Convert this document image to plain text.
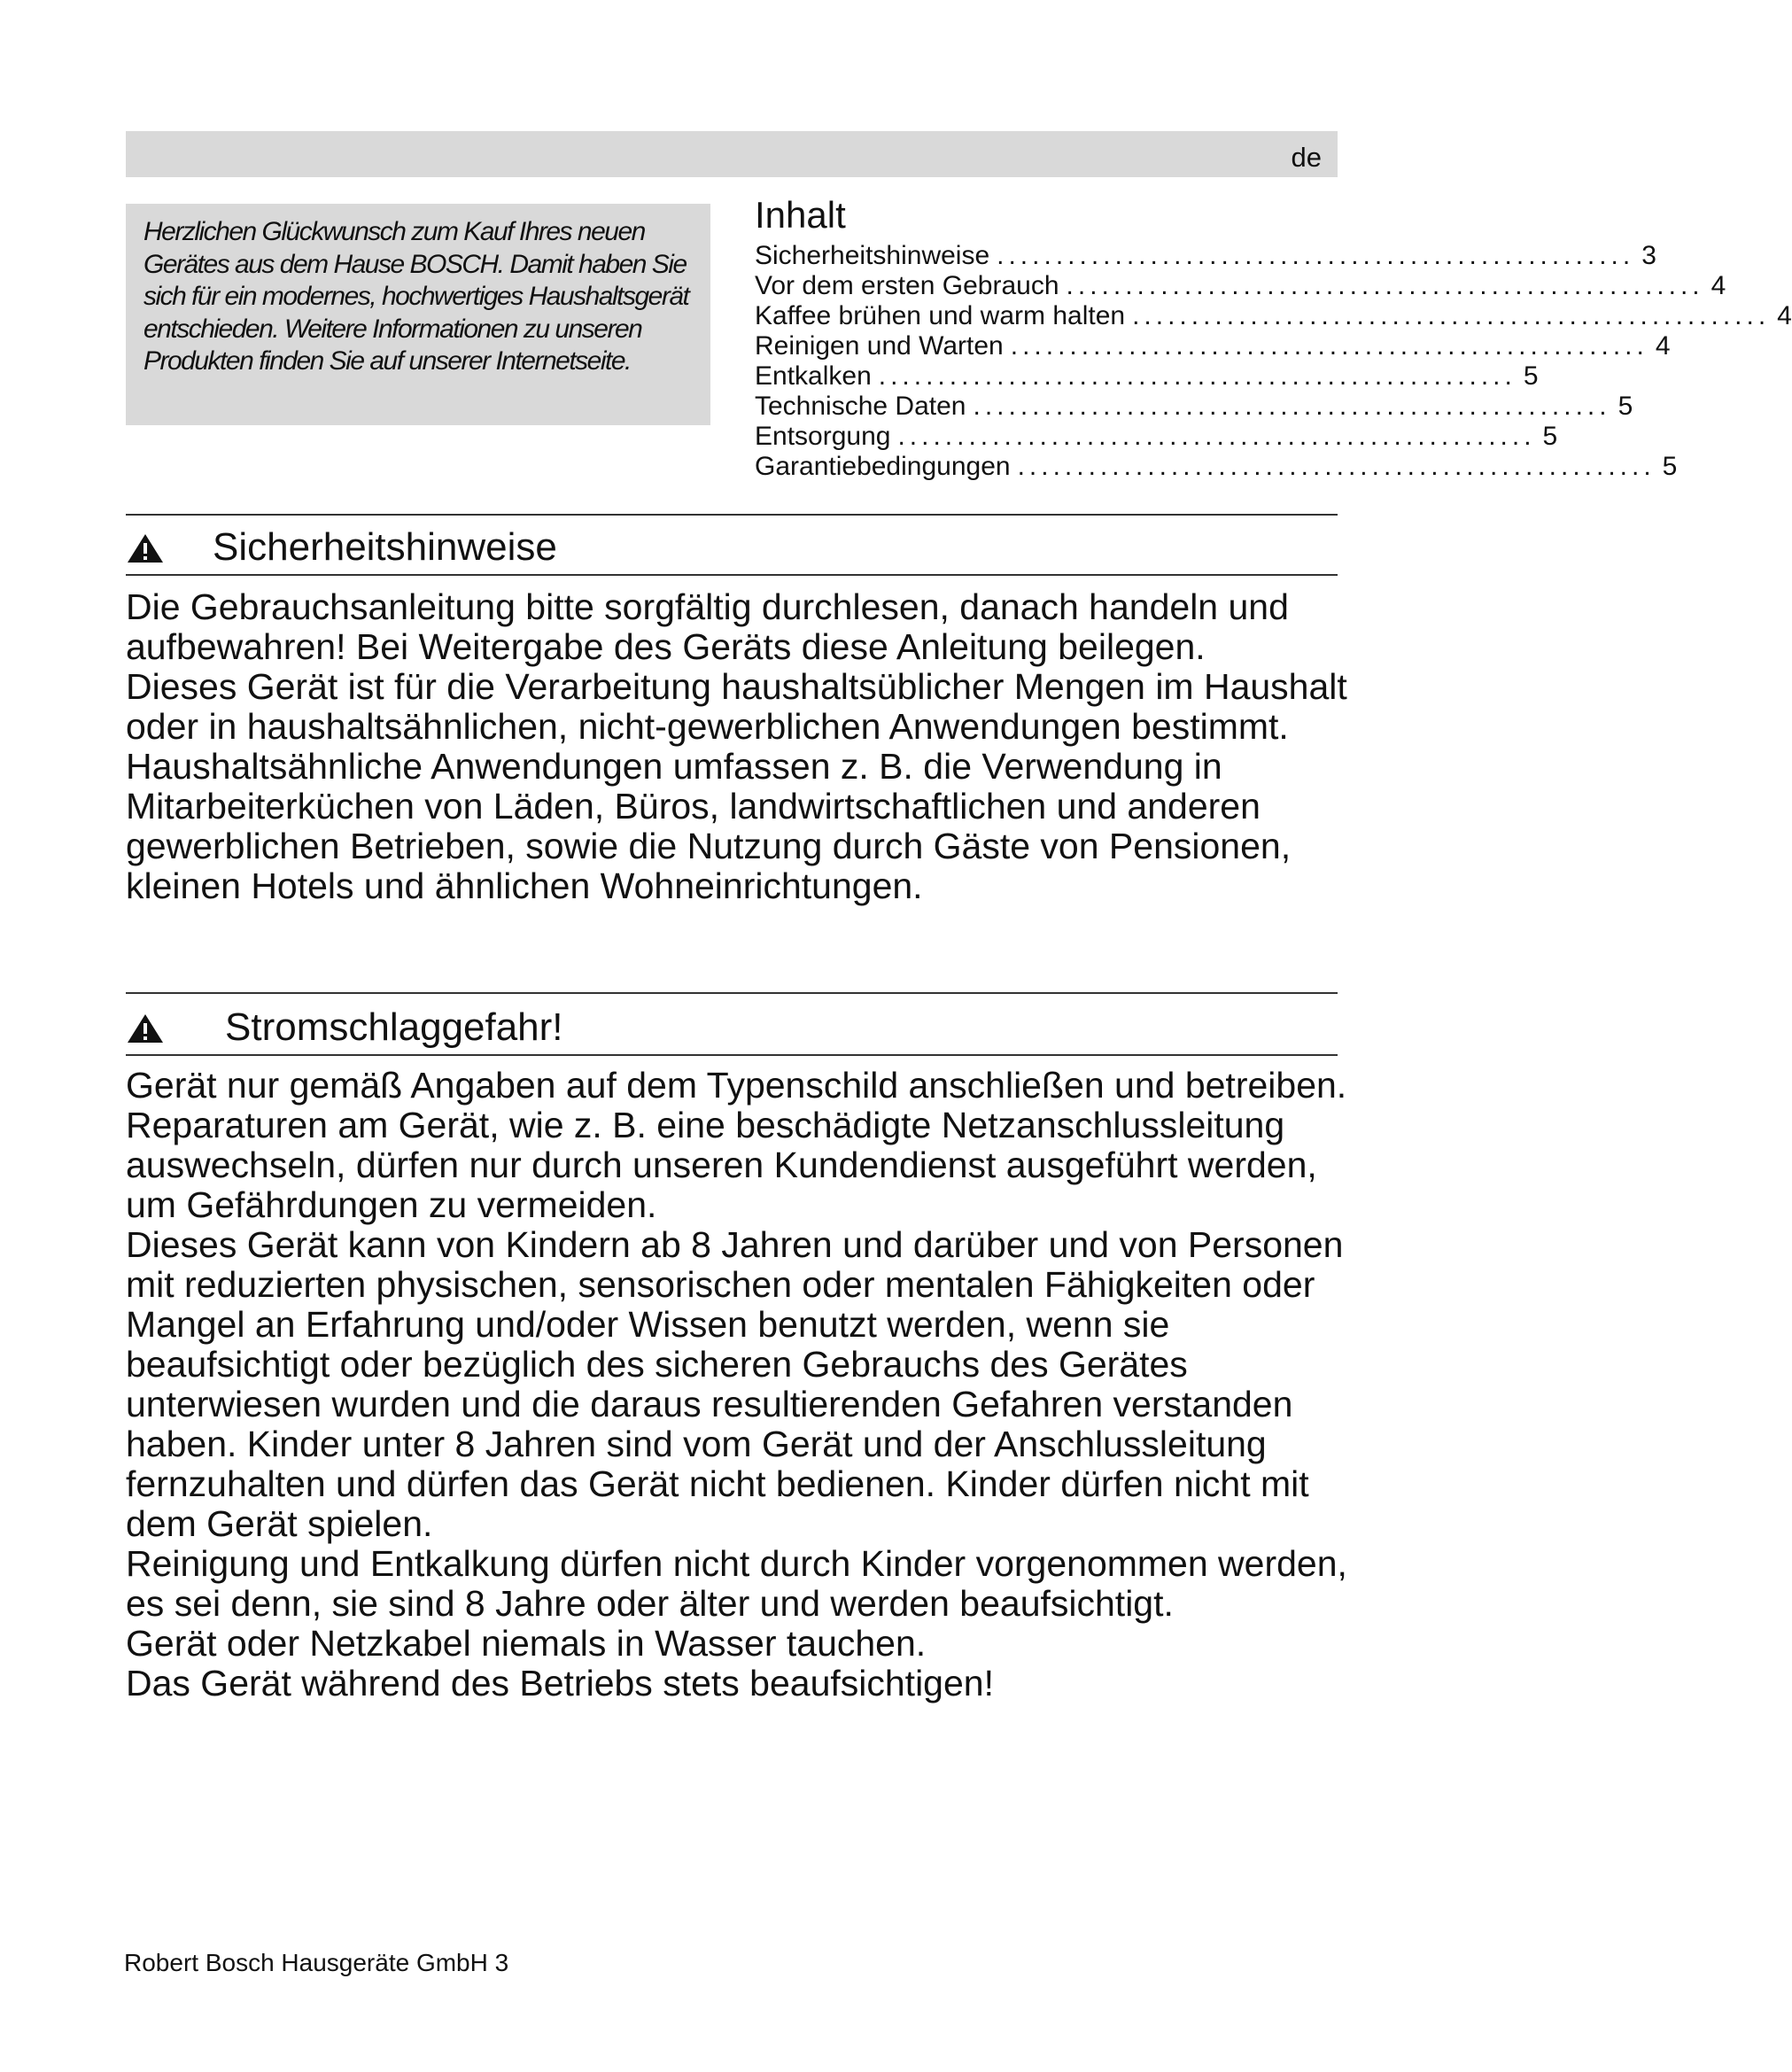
de

Herzlichen Glückwunsch zum Kauf Ihres neuen Gerätes aus dem Hause BOSCH. Damit haben Sie sich für ein modernes, hochwertiges Haushaltsgerät entschieden. Weitere Informationen zu unseren Produkten finden Sie auf unserer Internetseite.

Inhalt
Sicherheitshinweise ...................................................... 3
Vor dem ersten Gebrauch ...................................................... 4
Kaffee brühen und warm halten ...................................................... 4
Reinigen und Warten ...................................................... 4
Entkalken ...................................................... 5
Technische Daten ...................................................... 5
Entsorgung ...................................................... 5
Garantiebedingungen ...................................................... 5
Sicherheitshinweise

Die Gebrauchsanleitung bitte sorgfältig durchlesen, danach handeln und aufbewahren! Bei Weitergabe des Geräts diese Anleitung beilegen.

Dieses Gerät ist für die Verarbeitung haushaltsüblicher Mengen im Haushalt oder in haushaltsähnlichen, nicht-gewerblichen Anwendungen bestimmt. Haushaltsähnliche Anwendungen umfassen z. B. die Verwendung in Mitarbeiterküchen von Läden, Büros, landwirtschaftlichen und anderen gewerblichen Betrieben, sowie die Nutzung durch Gäste von Pensionen, kleinen Hotels und ähnlichen Wohneinrichtungen.

Stromschlaggefahr!

Gerät nur gemäß Angaben auf dem Typenschild anschließen und betreiben.

Reparaturen am Gerät, wie z. B. eine beschädigte Netzanschlussleitung auswechseln, dürfen nur durch unseren Kundendienst ausgeführt werden, um Gefährdungen zu vermeiden.

Dieses Gerät kann von Kindern ab 8 Jahren und darüber und von Personen mit reduzierten physischen, sensorischen oder mentalen Fähigkeiten oder Mangel an Erfahrung und/oder Wissen benutzt werden, wenn sie beaufsichtigt oder bezüglich des sicheren Gebrauchs des Gerätes unterwiesen wurden und die daraus resultierenden Gefahren verstanden haben. Kinder unter 8 Jahren sind vom Gerät und der Anschlussleitung fernzuhalten und dürfen das Gerät nicht bedienen. Kinder dürfen nicht mit dem Gerät spielen.

Reinigung und Entkalkung dürfen nicht durch Kinder vorgenommen werden, es sei denn, sie sind 8 Jahre oder älter und werden beaufsichtigt.

Gerät oder Netzkabel niemals in Wasser tauchen.

Das Gerät während des Betriebs stets beaufsichtigen!

Robert Bosch Hausgeräte GmbH 3
